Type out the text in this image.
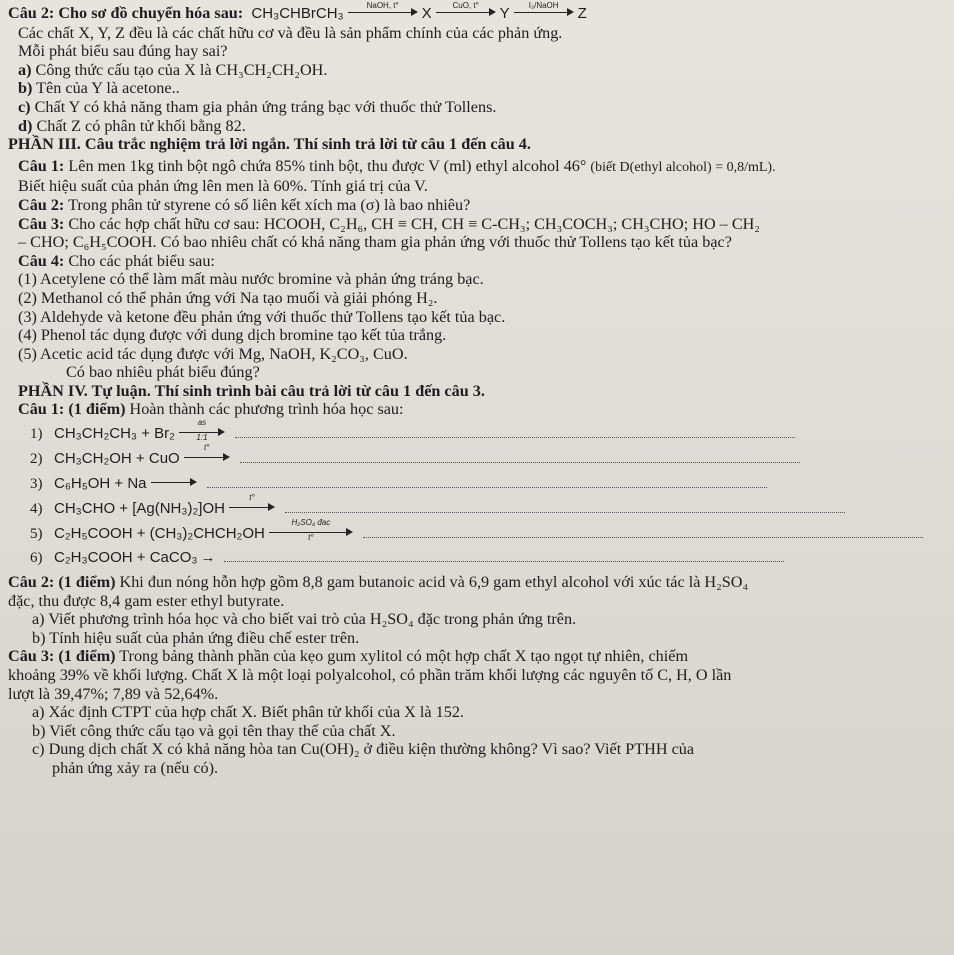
Câu 2: Cho sơ đồ chuyển hóa sau: CH₃CHBrCH₃	NaOH, t°	X	CuO, t°	Y	I₂/NaOH	Z
Các chất X, Y, Z đều là các chất hữu cơ và đều là sản phẩm chính của các phản ứng.
Mỗi phát biểu sau đúng hay sai?
a) Công thức cấu tạo của X là CH₃CH₂CH₂OH.
b) Tên của Y là acetone..
c) Chất Y có khả năng tham gia phản ứng tráng bạc với thuốc thử Tollens.
d) Chất Z có phân tử khối bằng 82.
PHẦN III. Câu trắc nghiệm trả lời ngắn. Thí sinh trả lời từ câu 1 đến câu 4.
Câu 1: Lên men 1kg tinh bột ngô chứa 85% tinh bột, thu được V (ml) ethyl alcohol 46° (biết D(ethyl alcohol) = 0,8/mL).
Biết hiệu suất của phản ứng lên men là 60%. Tính giá trị của V.
Câu 2: Trong phân tử styrene có số liên kết xích ma (σ) là bao nhiêu?
Câu 3: Cho các hợp chất hữu cơ sau: HCOOH, C₂H₆, CH ≡ CH, CH ≡ C-CH₃; CH₃COCH₃; CH₃CHO; HO – CH₂
– CHO; C₆H₅COOH. Có bao nhiêu chất có khả năng tham gia phản ứng với thuốc thử Tollens tạo kết tủa bạc?
Câu 4: Cho các phát biểu sau:
(1) Acetylene có thể làm mất màu nước bromine và phản ứng tráng bạc.
(2) Methanol có thể phản ứng với Na tạo muối và giải phóng H₂.
(3) Aldehyde và ketone đều phản ứng với thuốc thử Tollens tạo kết tủa bạc.
(4) Phenol tác dụng được với dung dịch bromine tạo kết tủa trắng.
(5) Acetic acid tác dụng được với Mg, NaOH, K₂CO₃, CuO.
Có bao nhiêu phát biểu đúng?
PHẦN IV. Tự luận. Thí sinh trình bài câu trả lời từ câu 1 đến câu 3.
Câu 1: (1 điểm) Hoàn thành các phương trình hóa học sau:
1) CH₃CH₂CH₃ + Br₂
as
1:1
2) CH₃CH₂OH + CuO
t°
3) C₆H₅OH + Na
4) CH₃CHO + [Ag(NH₃)₂]OH
t°
5) C₂H₅COOH + (CH₃)₂CHCH₂OH
H₂SO₄ đac
t°
6) C₂H₃COOH + CaCO₃ →
Câu 2: (1 điểm) Khi đun nóng hỗn hợp gồm 8,8 gam butanoic acid và 6,9 gam ethyl alcohol với xúc tác là H₂SO₄
đặc, thu được 8,4 gam ester ethyl butyrate.
a) Viết phương trình hóa học và cho biết vai trò của H₂SO₄ đặc trong phản ứng trên.
b) Tính hiệu suất của phản ứng điều chế ester trên.
Câu 3: (1 điểm) Trong bảng thành phần của kẹo gum xylitol có một hợp chất X tạo ngọt tự nhiên, chiếm
khoảng 39% về khối lượng. Chất X là một loại polyalcohol, có phần trăm khối lượng các nguyên tố C, H, O lần
lượt là 39,47%; 7,89 và 52,64%.
a) Xác định CTPT của hợp chất X. Biết phân tử khối của X là 152.
b) Viết công thức cấu tạo và gọi tên thay thế của chất X.
c) Dung dịch chất X có khả năng hòa tan Cu(OH)₂ ở điều kiện thường không? Vì sao? Viết PTHH của
phản ứng xảy ra (nếu có).
